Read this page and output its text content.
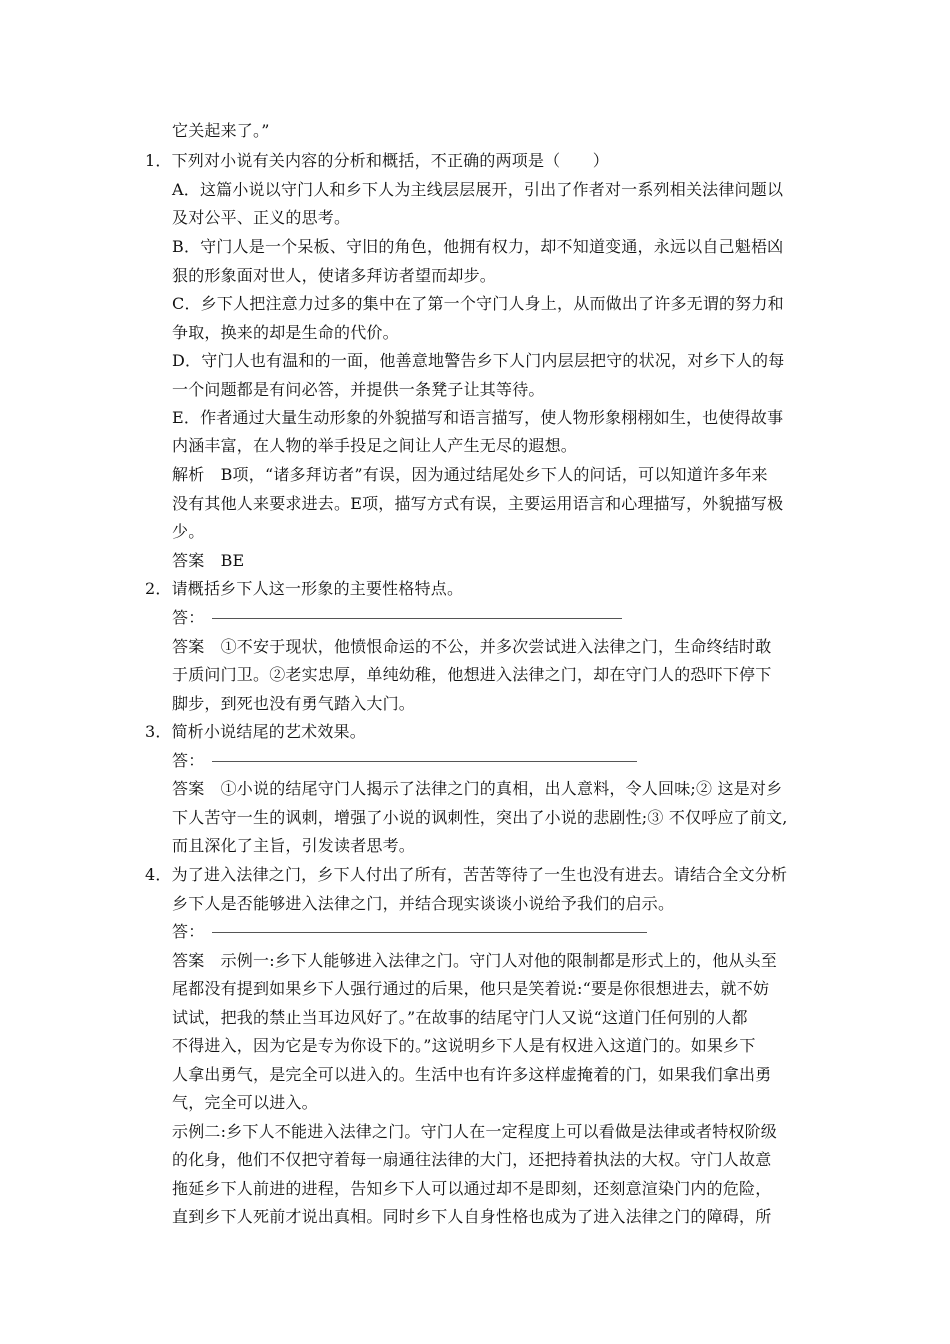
它关起来了。”
1．下列对小说有关内容的分析和概括，不正确的两项是（　　）
A．这篇小说以守门人和乡下人为主线层层展开，引出了作者对一系列相关法律问题以
及对公平、正义的思考。
B．守门人是一个呆板、守旧的角色，他拥有权力，却不知道变通，永远以自己魁梧凶
狠的形象面对世人，使诸多拜访者望而却步。
C．乡下人把注意力过多的集中在了第一个守门人身上，从而做出了许多无谓的努力和
争取，换来的却是生命的代价。
D．守门人也有温和的一面，他善意地警告乡下人门内层层把守的状况，对乡下人的每
一个问题都是有问必答，并提供一条凳子让其等待。
E．作者通过大量生动形象的外貌描写和语言描写，使人物形象栩栩如生，也使得故事
内涵丰富，在人物的举手投足之间让人产生无尽的遐想。
解析　B项，“诸多拜访者”有误，因为通过结尾处乡下人的问话，可以知道许多年来
没有其他人来要求进去。E项，描写方式有误，主要运用语言和心理描写，外貌描写极
少。
答案　BE
2．请概括乡下人这一形象的主要性格特点。
答：
答案　①不安于现状，他愤恨命运的不公，并多次尝试进入法律之门，生命终结时敢
于质问门卫。②老实忠厚，单纯幼稚，他想进入法律之门，却在守门人的恐吓下停下
脚步，到死也没有勇气踏入大门。
3．简析小说结尾的艺术效果。
答：
答案　①小说的结尾守门人揭示了法律之门的真相，出人意料，令人回味;② 这是对乡
下人苦守一生的讽刺，增强了小说的讽刺性，突出了小说的悲剧性;③ 不仅呼应了前文,
而且深化了主旨，引发读者思考。
4．为了进入法律之门，乡下人付出了所有，苦苦等待了一生也没有进去。请结合全文分析
乡下人是否能够进入法律之门，并结合现实谈谈小说给予我们的启示。
答：
答案　示例一:乡下人能够进入法律之门。守门人对他的限制都是形式上的，他从头至
尾都没有提到如果乡下人强行通过的后果，他只是笑着说:“要是你很想进去，就不妨
试试，把我的禁止当耳边风好了。”在故事的结尾守门人又说“这道门任何别的人都
不得进入，因为它是专为你设下的。”这说明乡下人是有权进入这道门的。如果乡下
人拿出勇气，是完全可以进入的。生活中也有许多这样虚掩着的门，如果我们拿出勇
气，完全可以进入。
示例二:乡下人不能进入法律之门。守门人在一定程度上可以看做是法律或者特权阶级
的化身，他们不仅把守着每一扇通往法律的大门，还把持着执法的大权。守门人故意
拖延乡下人前进的进程，告知乡下人可以通过却不是即刻，还刻意渲染门内的危险，
直到乡下人死前才说出真相。同时乡下人自身性格也成为了进入法律之门的障碍，所
